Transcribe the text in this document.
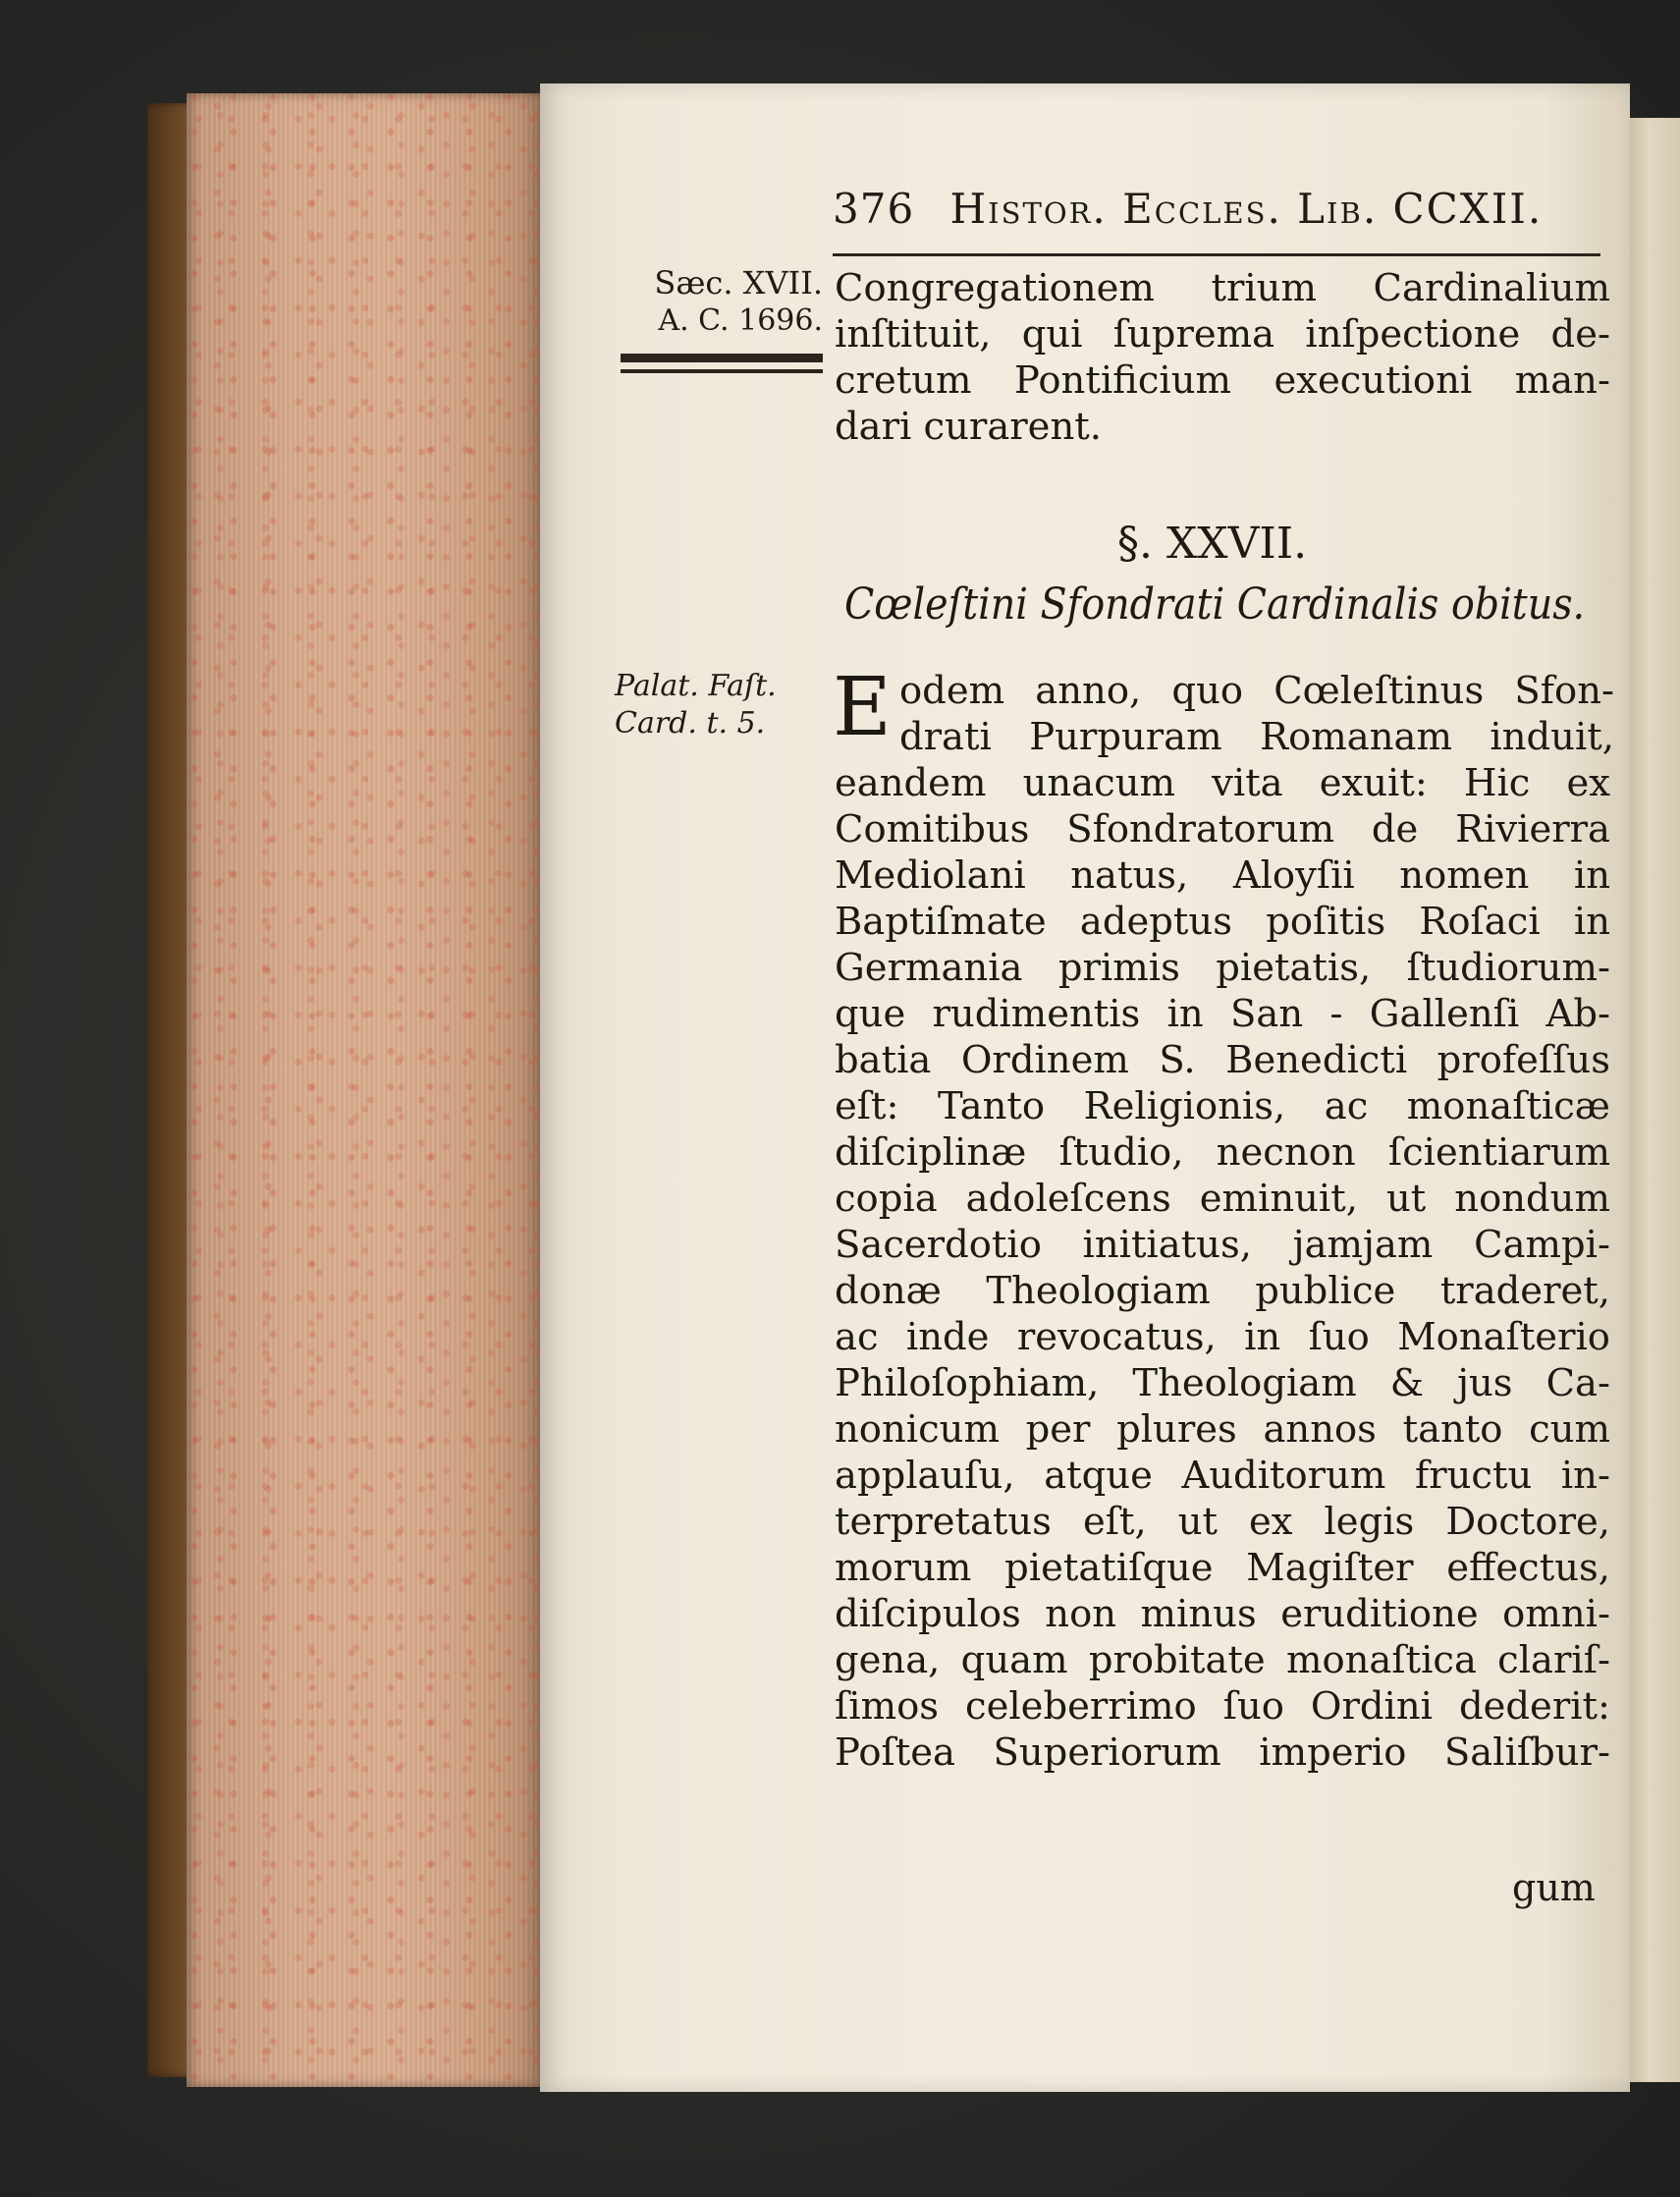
376 Histor. Eccles. Lib. CCXII.
Sæc. XVII.
A. C. 1696.
Palat. Faſt.
Card. t. 5.
Congregationem trium Cardinalium
inſtituit, qui ſuprema inſpectione de-
cretum Pontificium executioni man-
dari curarent.
§. XXVII.
Cœleſtini Sfondrati Cardinalis obitus.
E odem anno, quo Cœleſtinus Sfon-
drati Purpuram Romanam induit,
eandem unacum vita exuit: Hic ex
Comitibus Sfondratorum de Rivierra
Mediolani natus, Aloyſii nomen in
Baptiſmate adeptus poſitis Roſaci in
Germania primis pietatis, ſtudiorum-
que rudimentis in San - Gallenſi Ab-
batia Ordinem S. Benedicti profeſſus
eſt: Tanto Religionis, ac monaſticæ
diſciplinæ ſtudio, necnon ſcientiarum
copia adoleſcens eminuit, ut nondum
Sacerdotio initiatus, jamjam Campi-
donæ Theologiam publice traderet,
ac inde revocatus, in ſuo Monaſterio
Philoſophiam, Theologiam & jus Ca-
nonicum per plures annos tanto cum
applauſu, atque Auditorum fructu in-
terpretatus eſt, ut ex legis Doctore,
morum pietatiſque Magiſter effectus,
diſcipulos non minus eruditione omni-
gena, quam probitate monaſtica clariſ-
ſimos celeberrimo ſuo Ordini dederit:
Poſtea Superiorum imperio Saliſbur-
gum
